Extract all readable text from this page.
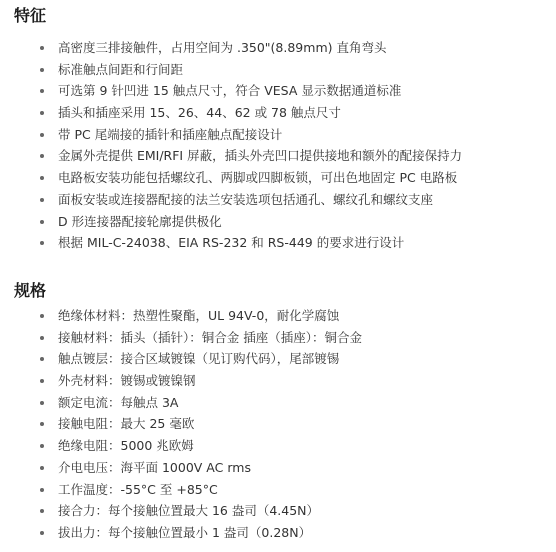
特征
高密度三排接触件，占用空间为 .350"(8.89mm) 直角弯头
标准触点间距和行间距
可选第 9 针凹进 15 触点尺寸，符合 VESA 显示数据通道标准
插头和插座采用 15、26、44、62 或 78 触点尺寸
带 PC 尾端接的插针和插座触点配接设计
金属外壳提供 EMI/RFI 屏蔽，插头外壳凹口提供接地和额外的配接保持力
电路板安装功能包括螺纹孔、两脚或四脚板锁，可出色地固定 PC 电路板
面板安装或连接器配接的法兰安装选项包括通孔、螺纹孔和螺纹支座
D 形连接器配接轮廓提供极化
根据 MIL-C-24038、EIA RS-232 和 RS-449 的要求进行设计
规格
绝缘体材料：热塑性聚酯，UL 94V-0，耐化学腐蚀
接触材料：插头（插针）：铜合金 插座（插座）：铜合金
触点镀层：接合区域镀镍（见订购代码），尾部镀锡
外壳材料：镀锡或镀镍钢
额定电流：每触点 3A
接触电阻：最大 25 毫欧
绝缘电阻：5000 兆欧姆
介电电压：海平面 1000V AC rms
工作温度：-55°C 至 +85°C
接合力：每个接触位置最大 16 盎司（4.45N）
拔出力：每个接触位置最小 1 盎司（0.28N）
